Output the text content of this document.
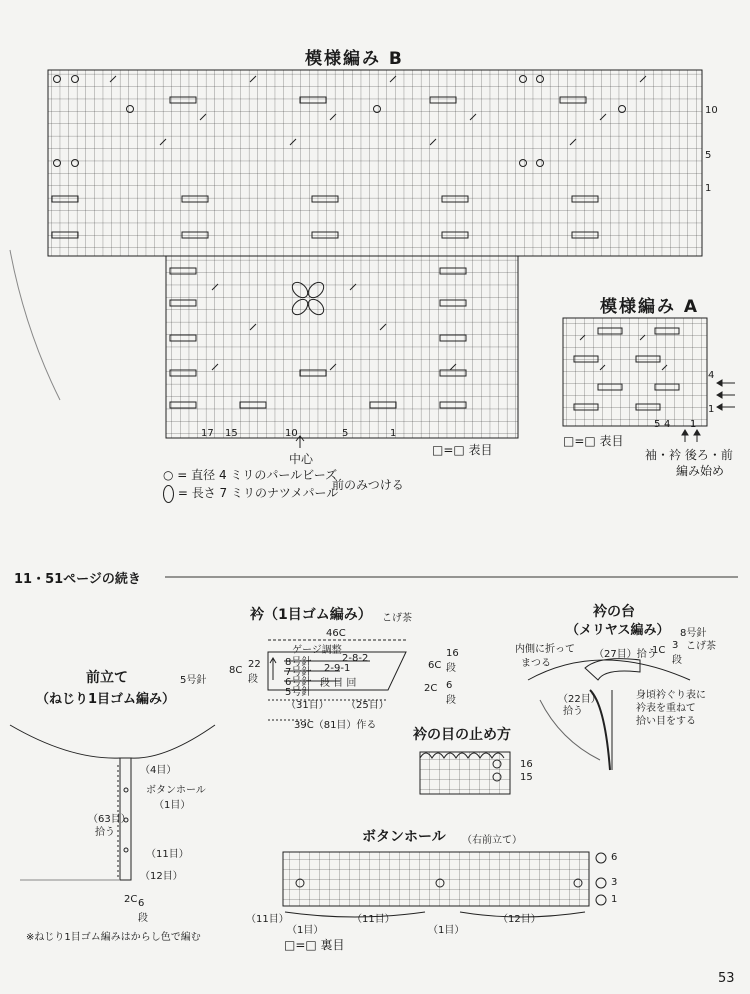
模様編み B
17 15	10	5	1
10
5
1
中心
□=□ 表目
○ = 直径 4 ミリのパールビーズ
= 長さ 7 ミリのナツメパール
前のみつける
模様編み A
5 4 1
4
1
□=□ 表目
袖・衿 後ろ・前
編み始め
11・51ページの続き
衿（1目ゴム編み） こげ茶
46C
ゲージ調整
8号針
7号針
6号針
5号針
2-8-2
2-9-1
段 目 回
8C
22 段
6C
16 段
2C 6 段
（31目） （25目）
39C（81目）作る
衿の台
（メリヤス編み） 8号針
こげ茶
内側に折って
まつる
（27目）拾う
1C 3 段
（22目）
拾う
身頃衿ぐり表に
衿表を重ねて
拾い目をする
前立て	5号針
（ねじり1目ゴム編み）
（4目）
ボタンホール
（1目）
（63目）
拾う
（11目）
（12目）
2C 6 段
※ねじり1目ゴム編みはからし色で編む
衿の目の止め方
16
15
ボタンホール （右前立て）
6
3
1
（11目）
（1目）
（11目）
（1目）
（12目）
□=□ 裏目
53
